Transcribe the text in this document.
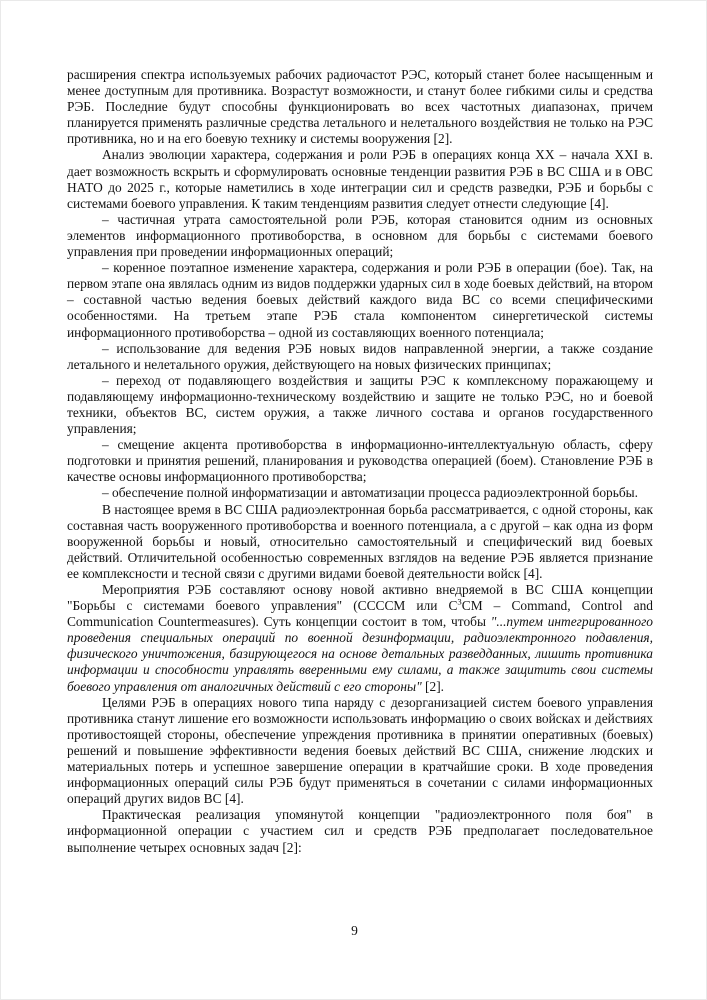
расширения спектра используемых рабочих радиочастот РЭС, который станет более насыщенным и менее доступным для противника. Возрастут возможности, и станут более гибкими силы и средства РЭБ. Последние будут способны функционировать во всех частотных диапазонах, причем планируется применять различные средства летального и нелетального воздействия не только на РЭС противника, но и на его боевую технику и системы вооружения [2].

Анализ эволюции характера, содержания и роли РЭБ в операциях конца XX – начала XXI в. дает возможность вскрыть и сформулировать основные тенденции развития РЭБ в ВС США и в ОВС НАТО до 2025 г., которые наметились в ходе интеграции сил и средств разведки, РЭБ и борьбы с системами боевого управления. К таким тенденциям развития следует отнести следующие [4].

– частичная утрата самостоятельной роли РЭБ, которая становится одним из основных элементов информационного противоборства, в основном для борьбы с системами боевого управления при проведении информационных операций;

– коренное поэтапное изменение характера, содержания и роли РЭБ в операции (бое). Так, на первом этапе она являлась одним из видов поддержки ударных сил в ходе боевых действий, на втором – составной частью ведения боевых действий каждого вида ВС со всеми специфическими особенностями. На третьем этапе РЭБ стала компонентом синергетической системы информационного противоборства – одной из составляющих военного потенциала;

– использование для ведения РЭБ новых видов направленной энергии, а также создание летального и нелетального оружия, действующего на новых физических принципах;

– переход от подавляющего воздействия и защиты РЭС к комплексному поражающему и подавляющему информационно-техническому воздействию и защите не только РЭС, но и боевой техники, объектов ВС, систем оружия, а также личного состава и органов государственного управления;

– смещение акцента противоборства в информационно-интеллектуальную область, сферу подготовки и принятия решений, планирования и руководства операцией (боем). Становление РЭБ в качестве основы информационного противоборства;

– обеспечение полной информатизации и автоматизации процесса радиоэлектронной борьбы.

В настоящее время в ВС США радиоэлектронная борьба рассматривается, с одной стороны, как составная часть вооруженного противоборства и военного потенциала, а с другой – как одна из форм вооруженной борьбы и новый, относительно самостоятельный и специфический вид боевых действий. Отличительной особенностью современных взглядов на ведение РЭБ является признание ее комплексности и тесной связи с другими видами боевой деятельности войск [4].

Мероприятия РЭБ составляют основу новой активно внедряемой в ВС США концепции "Борьбы с системами боевого управления" (CCCCM или $C^3CM$ – Command, Control and Communication Countermeasures). Суть концепции состоит в том, чтобы "...путем интегрированного проведения специальных операций по военной дезинформации, радиоэлектронного подавления, физического уничтожения, базирующегося на основе детальных разведданных, лишить противника информации и способности управлять вверенными ему силами, а также защитить свои системы боевого управления от аналогичных действий с его стороны" [2].

Целями РЭБ в операциях нового типа наряду с дезорганизацией систем боевого управления противника станут лишение его возможности использовать информацию о своих войсках и действиях противостоящей стороны, обеспечение упреждения противника в принятии оперативных (боевых) решений и повышение эффективности ведения боевых действий ВС США, снижение людских и материальных потерь и успешное завершение операции в кратчайшие сроки. В ходе проведения информационных операций силы РЭБ будут применяться в сочетании с силами информационных операций других видов ВС [4].

Практическая реализация упомянутой концепции "радиоэлектронного поля боя" в информационной операции с участием сил и средств РЭБ предполагает последовательное выполнение четырех основных задач [2]:

9
